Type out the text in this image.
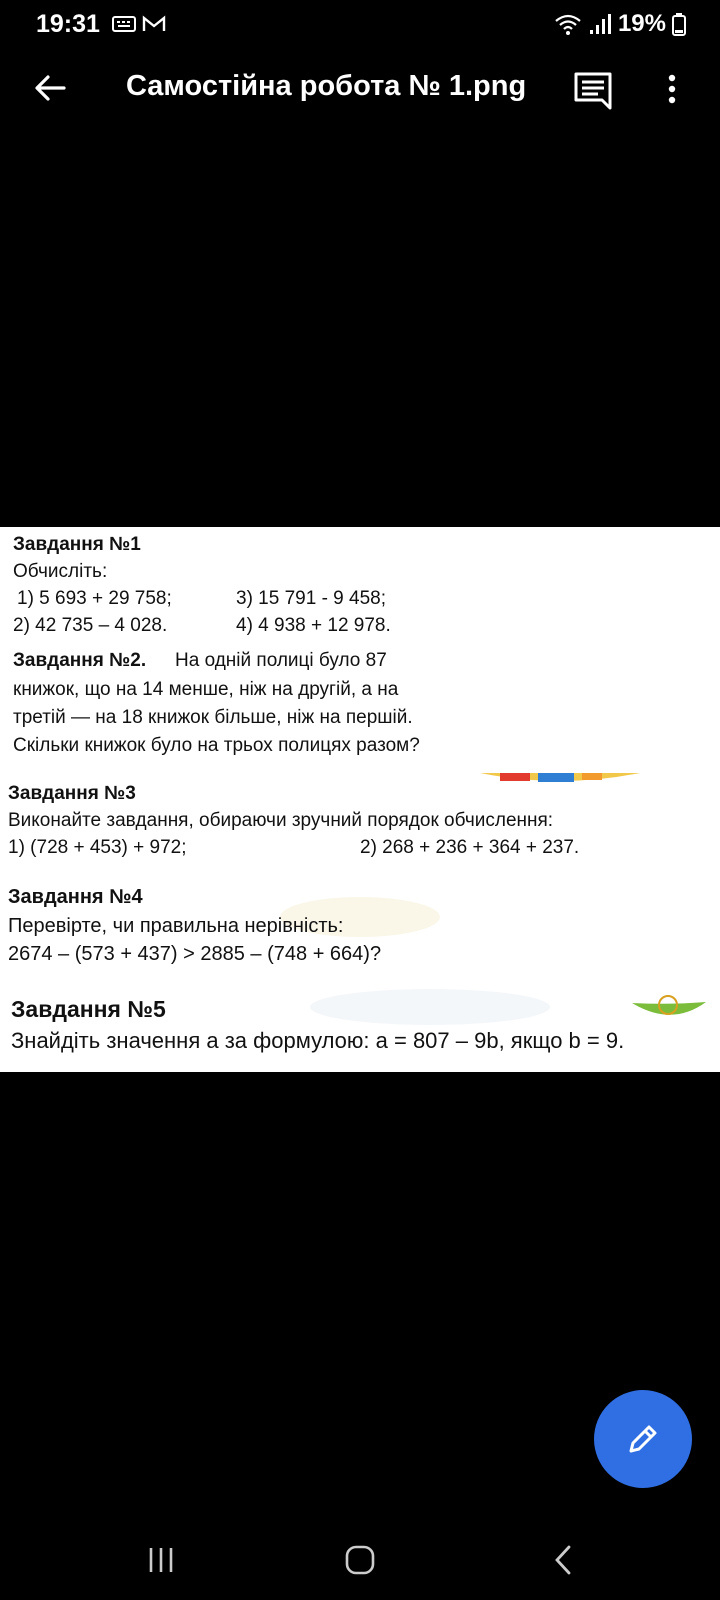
19:31	19%
Самостійна робота № 1.png
Завдання №1
Обчисліть:
1) 5 693 + 29 758;	3) 15 791 - 9 458;
2) 42 735 – 4 028.	4) 4 938 + 12 978.
Завдання №2. На одній полиці було 87
книжок, що на 14 менше, ніж на другій, а на
третій — на 18 книжок більше, ніж на першій.
Скільки книжок було на трьох полицях разом?
Завдання №3
Виконайте завдання, обираючи зручний порядок обчислення:
1) (728 + 453) + 972;	2) 268 + 236 + 364 + 237.
Завдання №4
Перевірте, чи правильна нерівність:
2674 – (573 + 437) > 2885 – (748 + 664)?
Завдання №5
Знайдіть значення а за формулою: а = 807 – 9b, якщо b = 9.
